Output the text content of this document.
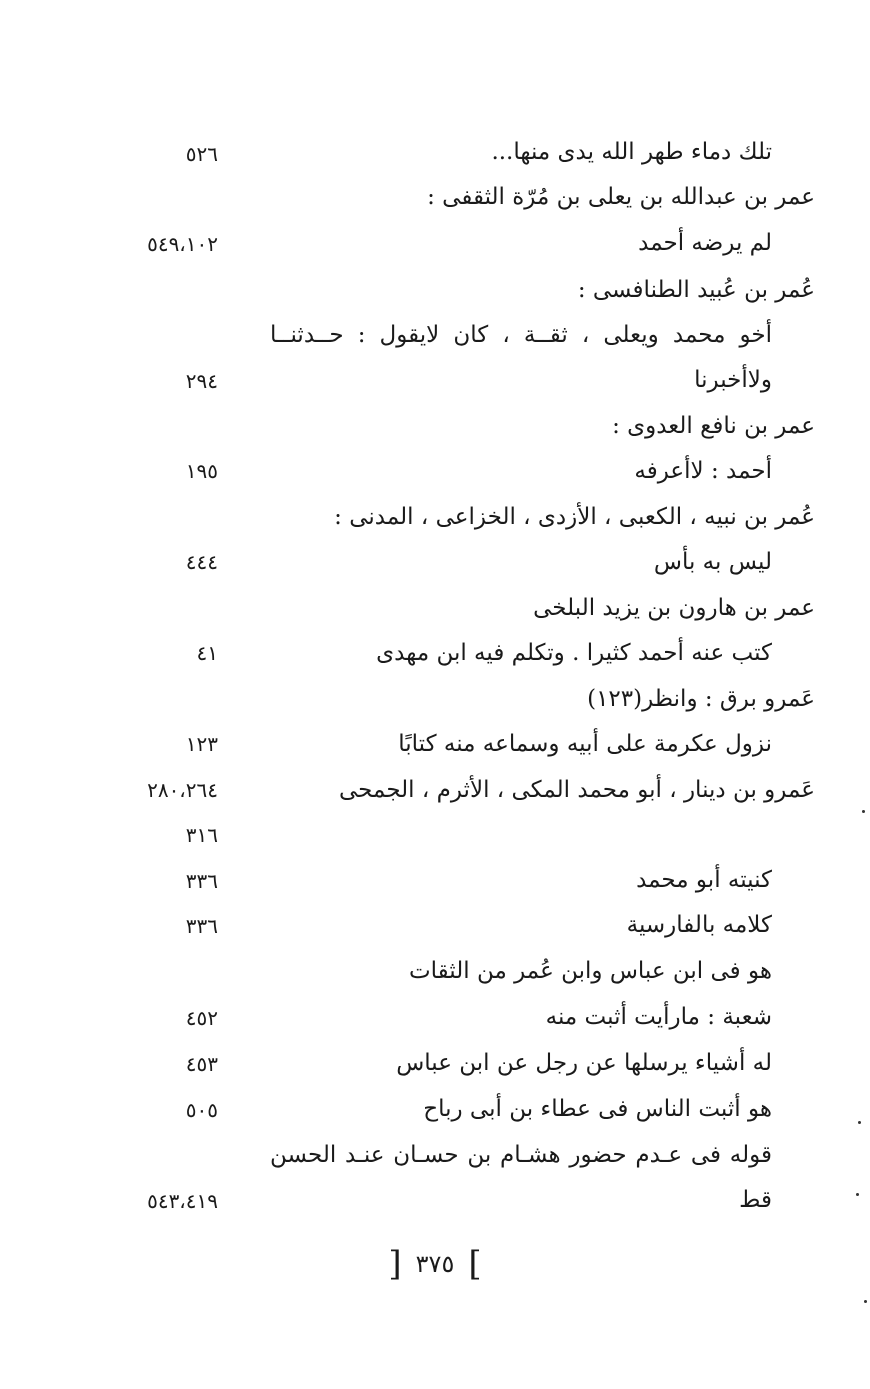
تلك دماء طهر الله يدى منها...
٥٢٦
عمر بن عبدالله بن يعلى بن مُرّة الثقفى :
لم يرضه أحمد
٥٤٩،١٠٢
عُمر بن عُبيد الطنافسى :
أخو محمد ويعلى ، ثقــة ، كان لايقول : حــدثنــا
ولاأخبرنا
٢٩٤
عمر بن نافع العدوى :
أحمد : لاأعرفه
١٩٥
عُمر بن نبيه ، الكعبى ، الأزدى ، الخزاعى ، المدنى :
ليس به بأس
٤٤٤
عمر بن هارون بن يزيد البلخى
كتب عنه أحمد كثيرا . وتكلم فيه ابن مهدى
٤١
عَمرو برق : وانظر(١٢٣)
نزول عكرمة على أبيه وسماعه منه كتابًا
١٢٣
عَمرو بن دينار ، أبو محمد المكى ، الأثرم ، الجمحى
٢٨٠،٢٦٤
٣١٦
كنيته أبو محمد
٣٣٦
كلامه بالفارسية
٣٣٦
هو فى ابن عباس وابن عُمر من الثقات
شعبة : مارأيت أثبت منه
٤٥٢
له أشياء يرسلها عن رجل عن ابن عباس
٤٥٣
هو أثبت الناس فى عطاء بن أبى رباح
٥٠٥
قوله فى عـدم حضور هشـام بن حسـان عنـد الحسن
قط
٥٤٣،٤١٩
]٣٧٥[
